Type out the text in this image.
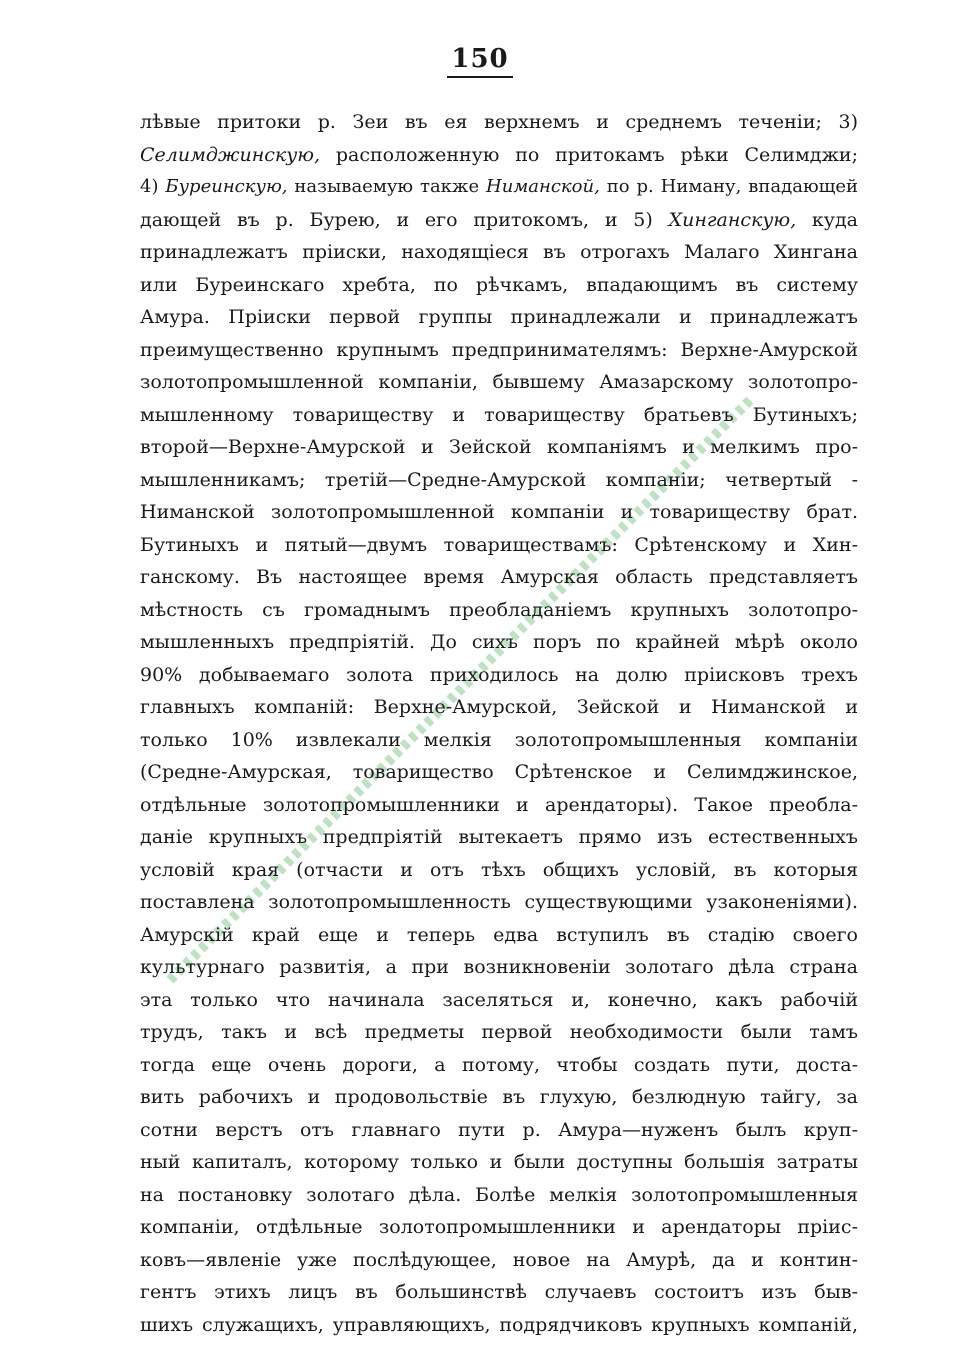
150
лѣвые притоки р. Зеи въ ея верхнемъ и среднемъ теченіи; 3)
Селимджинскую, расположенную по притокамъ рѣки Селимджи;
4) Буреинскую, называемую также Ниманской, по р. Ниману, впадающей
дающей въ р. Бурею, и его притокомъ, и 5) Хинганскую, куда
принадлежатъ пріиски, находящіеся въ отрогахъ Малаго Хингана
или Буреинскаго хребта, по рѣчкамъ, впадающимъ въ систему
Амура. Пріиски первой группы принадлежали и принадлежатъ
преимущественно крупнымъ предпринимателямъ: Верхне-Амурской
золотопромышленной компаніи, бывшему Амазарскому золотопро-
мышленному товариществу и товариществу братьевъ Бутиныхъ;
второй—Верхне-Амурской и Зейской компаніямъ и мелкимъ про-
мышленникамъ; третій—Средне-Амурской компаніи; четвертый -
Ниманской золотопромышленной компаніи и товариществу брат.
Бутиныхъ и пятый—двумъ товариществамъ: Срѣтенскому и Хин-
ганскому. Въ настоящее время Амурская область представляетъ
мѣстность съ громаднымъ преобладаніемъ крупныхъ золотопро-
мышленныхъ предпріятій. До сихъ поръ по крайней мѣрѣ около
90% добываемаго золота приходилось на долю пріисковъ трехъ
главныхъ компаній: Верхне-Амурской, Зейской и Ниманской и
только 10% извлекали мелкія золотопромышленныя компаніи
(Средне-Амурская, товарищество Срѣтенское и Селимджинское,
отдѣльные золотопромышленники и арендаторы). Такое преобла-
даніе крупныхъ предпріятій вытекаетъ прямо изъ естественныхъ
условій края (отчасти и отъ тѣхъ общихъ условій, въ которыя
поставлена золотопромышленность существующими узаконеніями).
Амурскій край еще и теперь едва вступилъ въ стадію своего
культурнаго развитія, а при возникновеніи золотаго дѣла страна
эта только что начинала заселяться и, конечно, какъ рабочій
трудъ, такъ и всѣ предметы первой необходимости были тамъ
тогда еще очень дороги, а потому, чтобы создать пути, доста-
вить рабочихъ и продовольствіе въ глухую, безлюдную тайгу, за
сотни верстъ отъ главнаго пути р. Амура—нуженъ былъ круп-
ный капиталъ, которому только и были доступны большія затраты
на постановку золотаго дѣла. Болѣе мелкія золотопромышленныя
компаніи, отдѣльные золотопромышленники и арендаторы пріис-
ковъ—явленіе уже послѣдующее, новое на Амурѣ, да и контин-
гентъ этихъ лицъ въ большинствѣ случаевъ состоитъ изъ быв-
шихъ служащихъ, управляющихъ, подрядчиковъ крупныхъ компаній,
